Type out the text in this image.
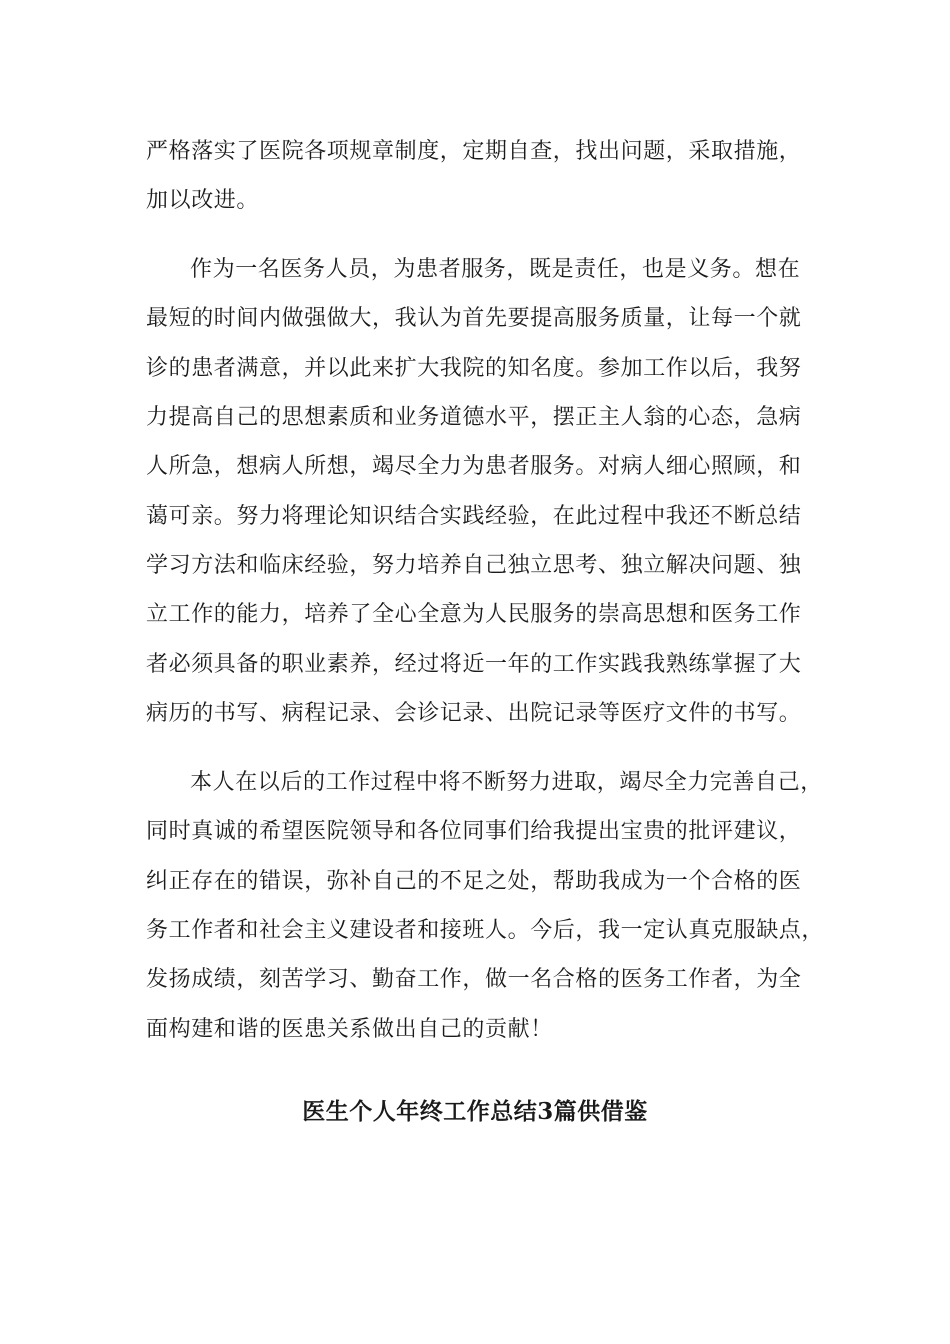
严格落实了医院各项规章制度，定期自查，找出问题，采取措施，
加以改进。
作为一名医务人员，为患者服务，既是责任，也是义务。想在
最短的时间内做强做大，我认为首先要提高服务质量，让每一个就
诊的患者满意，并以此来扩大我院的知名度。参加工作以后，我努
力提高自己的思想素质和业务道德水平，摆正主人翁的心态，急病
人所急，想病人所想，竭尽全力为患者服务。对病人细心照顾，和
蔼可亲。努力将理论知识结合实践经验，在此过程中我还不断总结
学习方法和临床经验，努力培养自己独立思考、独立解决问题、独
立工作的能力，培养了全心全意为人民服务的崇高思想和医务工作
者必须具备的职业素养，经过将近一年的工作实践我熟练掌握了大
病历的书写、病程记录、会诊记录、出院记录等医疗文件的书写。
本人在以后的工作过程中将不断努力进取，竭尽全力完善自己，
同时真诚的希望医院领导和各位同事们给我提出宝贵的批评建议，
纠正存在的错误，弥补自己的不足之处，帮助我成为一个合格的医
务工作者和社会主义建设者和接班人。今后，我一定认真克服缺点，
发扬成绩，刻苦学习、勤奋工作，做一名合格的医务工作者，为全
面构建和谐的医患关系做出自己的贡献！
医生个人年终工作总结3篇供借鉴
